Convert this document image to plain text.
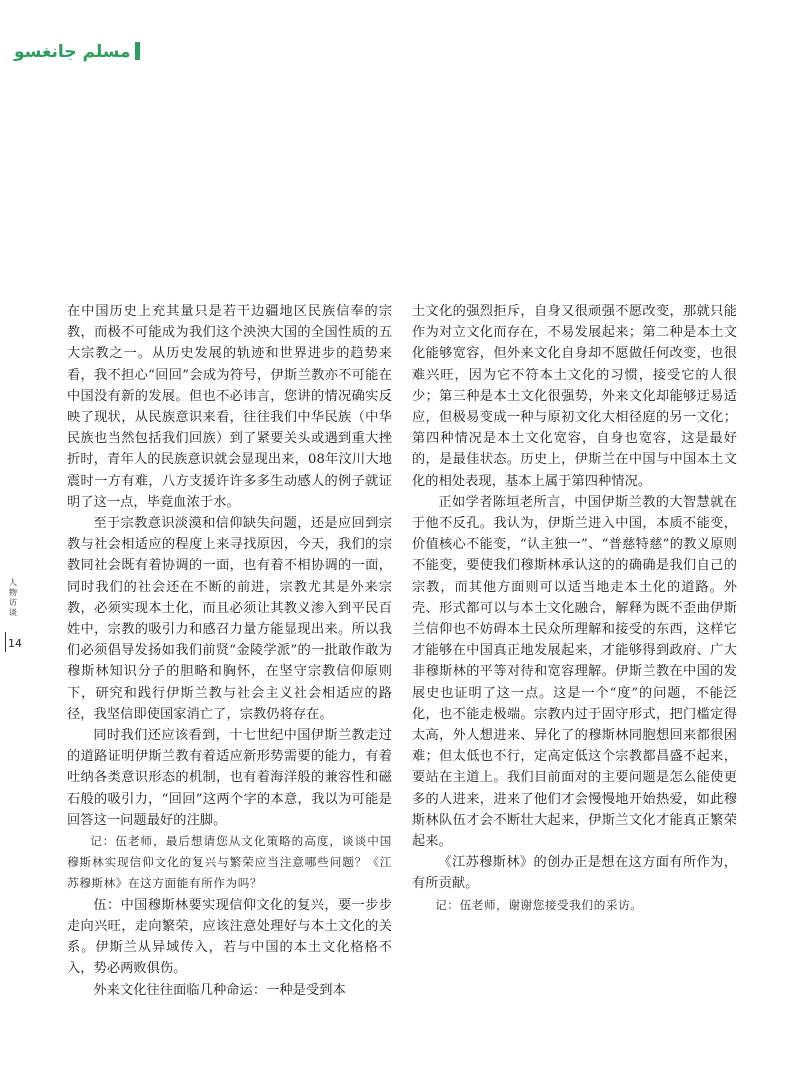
مسلم جانغسو
人
物
访
谈
14

在中国历史上充其量只是若干边疆地区民族信奉的宗教，而极不可能成为我们这个泱泱大国的全国性质的五大宗教之一。从历史发展的轨迹和世界进步的趋势来看，我不担心“回回”会成为符号，伊斯兰教亦不可能在中国没有新的发展。但也不必讳言，您讲的情况确实反映了现状，从民族意识来看，往往我们中华民族（中华民族也当然包括我们回族）到了紧要关头或遇到重大挫折时，青年人的民族意识就会显现出来，08年汶川大地震时一方有难，八方支援许许多多生动感人的例子就证明了这一点，毕竟血浓于水。

至于宗教意识淡漠和信仰缺失问题，还是应回到宗教与社会相适应的程度上来寻找原因，今天，我们的宗教同社会既有着协调的一面，也有着不相协调的一面，同时我们的社会还在不断的前进，宗教尤其是外来宗教，必须实现本土化，而且必须让其教义渗入到平民百姓中，宗教的吸引力和感召力量方能显现出来。所以我们必须倡导发扬如我们前贤“金陵学派”的一批敢作敢为穆斯林知识分子的胆略和胸怀，在坚守宗教信仰原则下，研究和践行伊斯兰教与社会主义社会相适应的路径，我坚信即使国家消亡了，宗教仍将存在。

同时我们还应该看到，十七世纪中国伊斯兰教走过的道路证明伊斯兰教有着适应新形势需要的能力，有着吐纳各类意识形态的机制，也有着海洋般的兼容性和磁石般的吸引力，“回回”这两个字的本意，我以为可能是回答这一问题最好的注脚。

记：伍老师，最后想请您从文化策略的高度，谈谈中国穆斯林实现信仰文化的复兴与繁荣应当注意哪些问题？《江苏穆斯林》在这方面能有所作为吗？

伍：中国穆斯林要实现信仰文化的复兴，要一步步走向兴旺，走向繁荣，应该注意处理好与本土文化的关系。伊斯兰从异域传入，若与中国的本土文化格格不入，势必两败俱伤。

外来文化往往面临几种命运：一种是受到本

土文化的强烈拒斥，自身又很顽强不愿改变，那就只能作为对立文化而存在，不易发展起来；第二种是本土文化能够宽容，但外来文化自身却不愿做任何改变，也很难兴旺，因为它不符本土文化的习惯，接受它的人很少；第三种是本土文化很强势，外来文化却能够迂易适应，但极易变成一种与原初文化大相径庭的另一文化；第四种情况是本土文化宽容，自身也宽容，这是最好的，是最佳状态。历史上，伊斯兰在中国与中国本土文化的相处表现，基本上属于第四种情况。

正如学者陈垣老所言，中国伊斯兰教的大智慧就在于他不反孔。我认为，伊斯兰进入中国，本质不能变，价值核心不能变，“认主独一”、“普慈特慈”的教义原则不能变，要使我们穆斯林承认这的的确确是我们自己的宗教，而其他方面则可以适当地走本土化的道路。外壳、形式都可以与本土文化融合，解释为既不歪曲伊斯兰信仰也不妨碍本土民众所理解和接受的东西，这样它才能够在中国真正地发展起来，才能够得到政府、广大非穆斯林的平等对待和宽容理解。伊斯兰教在中国的发展史也证明了这一点。这是一个“度”的问题，不能泛化，也不能走极端。宗教内过于固守形式，把门槛定得太高，外人想进来、异化了的穆斯林同胞想回来都很困难；但太低也不行，定高定低这个宗教都昌盛不起来，要站在主道上。我们目前面对的主要问题是怎么能使更多的人进来，进来了他们才会慢慢地开始热爱，如此穆斯林队伍才会不断壮大起来，伊斯兰文化才能真正繁荣起来。

《江苏穆斯林》的创办正是想在这方面有所作为，有所贡献。

记：伍老师，谢谢您接受我们的采访。
